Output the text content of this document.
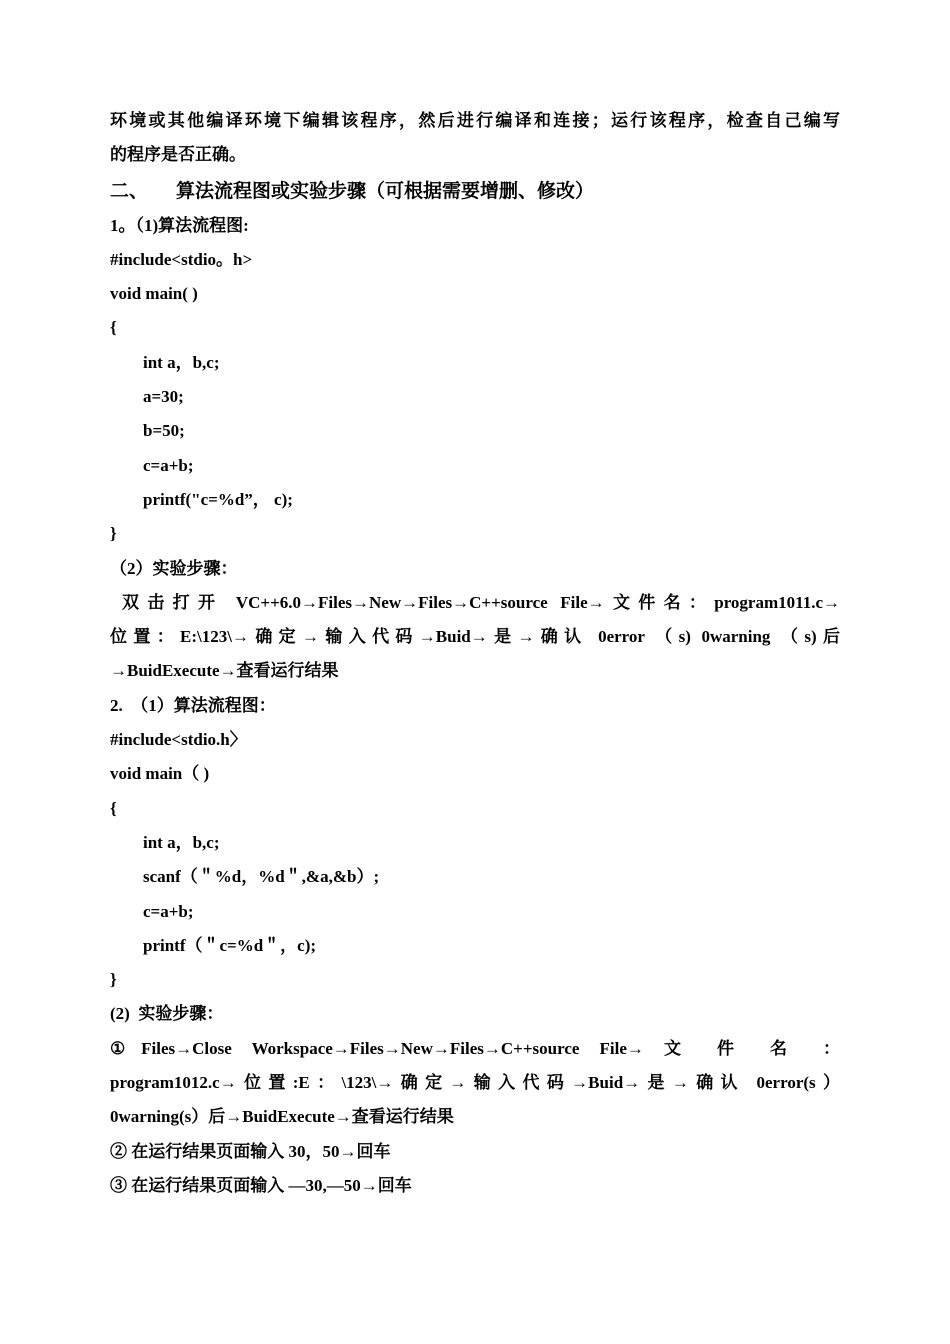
环境或其他编译环境下编辑该程序，然后进行编译和连接；运行该程序，检查自己编写
的程序是否正确。
二、 算法流程图或实验步骤（可根据需要增删、修改）
1。（1)算法流程图:
#include<stdio。h>
void main( )
{
int a，b,c;
a=30;
b=50;
c=a+b;
printf("c=%d”， c);
}
（2）实验步骤：
双击打开 VC++6.0→Files→New→Files→C++source File→文件名：program1011.c→
位置：E:\123\→确定→输入代码→Buid→是→确认 0error （s) 0warning （s)后
→BuidExecute→查看运行结果
2.  （1）算法流程图：
#include<stdio.h〉
void main（ )
{
int a，b,c;
scanf（＂%d，%d＂,&a,&b）;
c=a+b;
printf（＂c=%d＂，c);
}
(2)  实验步骤：
①Files→Close Workspace→Files→New→Files→C++source File→ 文 件 名 ：
program1012.c→位置:E：\123\→确定→输入代码→Buid→是→确认 0error(s）
0warning(s）后→BuidExecute→查看运行结果
② 在运行结果页面输入 30，50→回车
③ 在运行结果页面输入 —30,—50→回车
